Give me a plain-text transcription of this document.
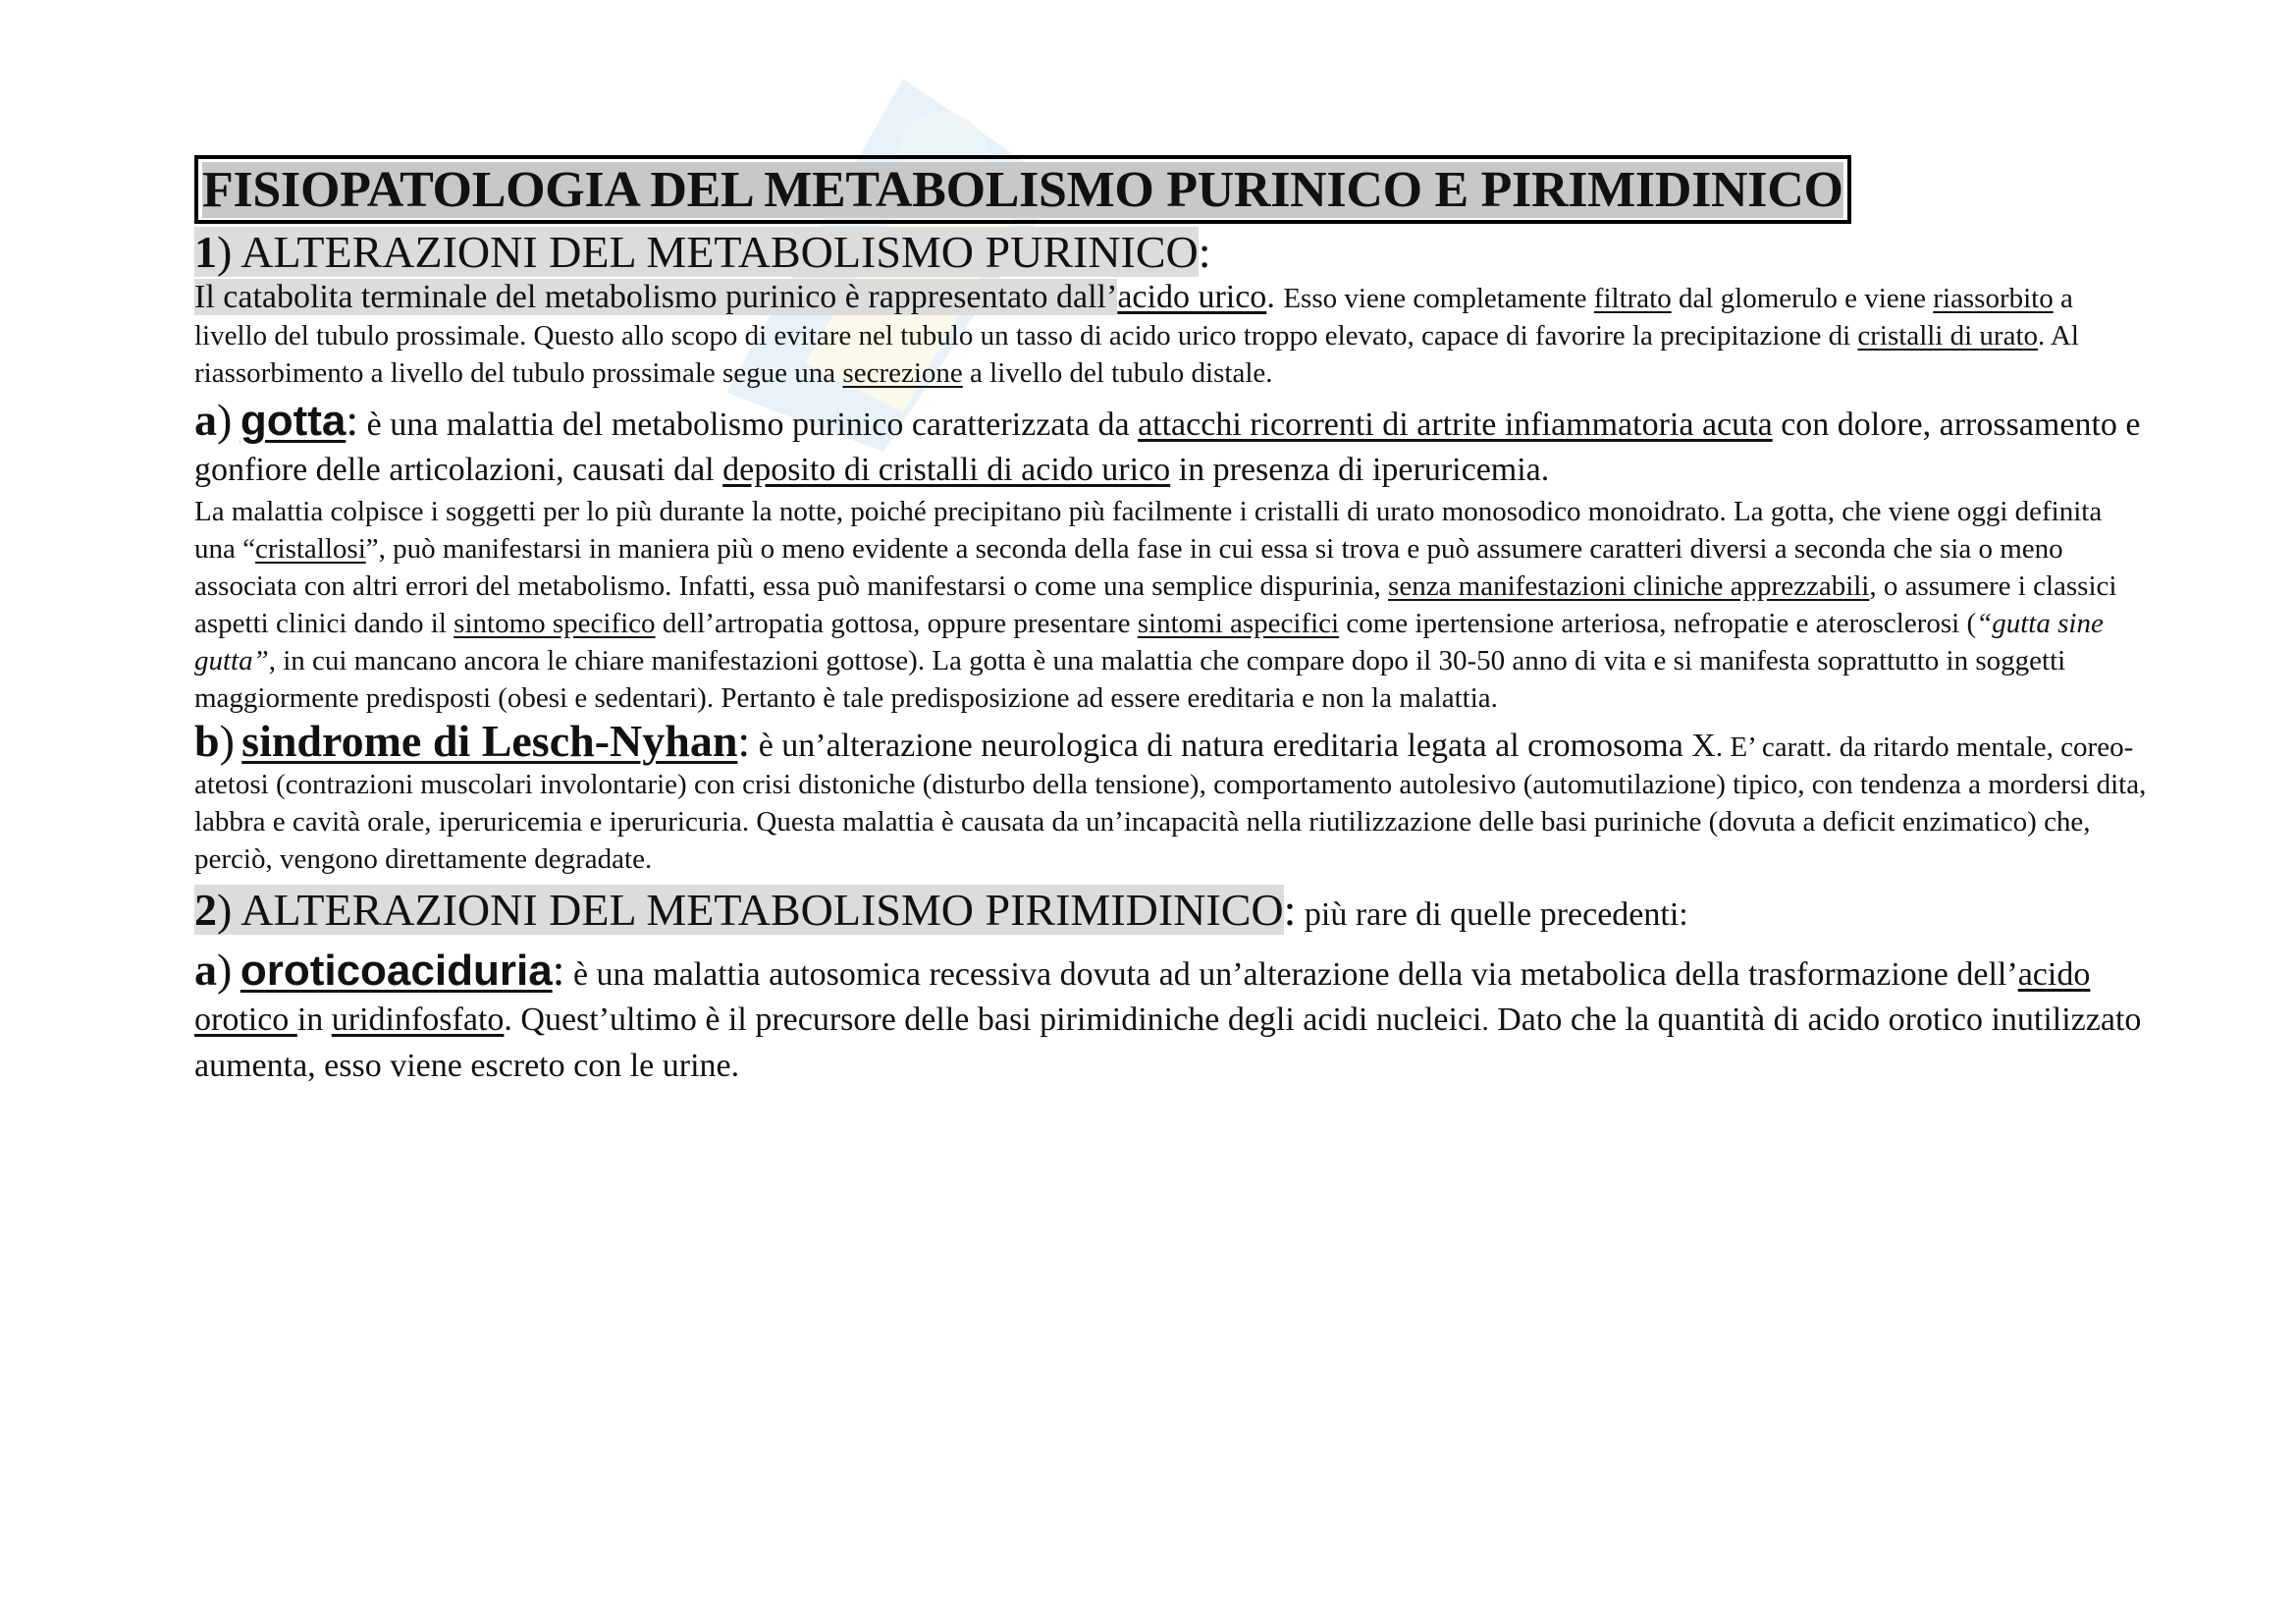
FISIOPATOLOGIA DEL METABOLISMO PURINICO E PIRIMIDINICO
1) ALTERAZIONI DEL METABOLISMO PURINICO:

Il catabolita terminale del metabolismo purinico è rappresentato dall’acido urico. Esso viene completamente filtrato dal glomerulo e viene riassorbito a livello del tubulo prossimale. Questo allo scopo di evitare nel tubulo un tasso di acido urico troppo elevato, capace di favorire la precipitazione di cristalli di urato. Al riassorbimento a livello del tubulo prossimale segue una secrezione a livello del tubulo distale.

a) gotta: è una malattia del metabolismo purinico caratterizzata da attacchi ricorrenti di artrite infiammatoria acuta con dolore, arrossamento e gonfiore delle articolazioni, causati dal deposito di cristalli di acido urico in presenza di iperuricemia.

La malattia colpisce i soggetti per lo più durante la notte, poiché precipitano più facilmente i cristalli di urato monosodico monoidrato. La gotta, che viene oggi definita una “cristallosi”, può manifestarsi in maniera più o meno evidente a seconda della fase in cui essa si trova e può assumere caratteri diversi a seconda che sia o meno associata con altri errori del metabolismo. Infatti, essa può manifestarsi o come una semplice dispurinia, senza manifestazioni cliniche apprezzabili, o assumere i classici aspetti clinici dando il sintomo specifico dell’artropatia gottosa, oppure presentare sintomi aspecifici come ipertensione arteriosa, nefropatie e aterosclerosi (“gutta sine gutta”, in cui mancano ancora le chiare manifestazioni gottose). La gotta è una malattia che compare dopo il 30-50 anno di vita e si manifesta soprattutto in soggetti maggiormente predisposti (obesi e sedentari). Pertanto è tale predisposizione ad essere ereditaria e non la malattia.

b) sindrome di Lesch-Nyhan: è un’alterazione neurologica di natura ereditaria legata al cromosoma X. E’ caratt. da ritardo mentale, coreo-atetosi (contrazioni muscolari involontarie) con crisi distoniche (disturbo della tensione), comportamento autolesivo (automutilazione) tipico, con tendenza a mordersi dita, labbra e cavità orale, iperuricemia e iperuricuria. Questa malattia è causata da un’incapacità nella riutilizzazione delle basi puriniche (dovuta a deficit enzimatico) che, perciò, vengono direttamente degradate.

2) ALTERAZIONI DEL METABOLISMO PIRIMIDINICO: più rare di quelle precedenti:

a) oroticoaciduria: è una malattia autosomica recessiva dovuta ad un’alterazione della via metabolica della trasformazione dell’acido orotico in uridinfosfato. Quest’ultimo è il precursore delle basi pirimidiniche degli acidi nucleici. Dato che la quantità di acido orotico inutilizzato aumenta, esso viene escreto con le urine.
